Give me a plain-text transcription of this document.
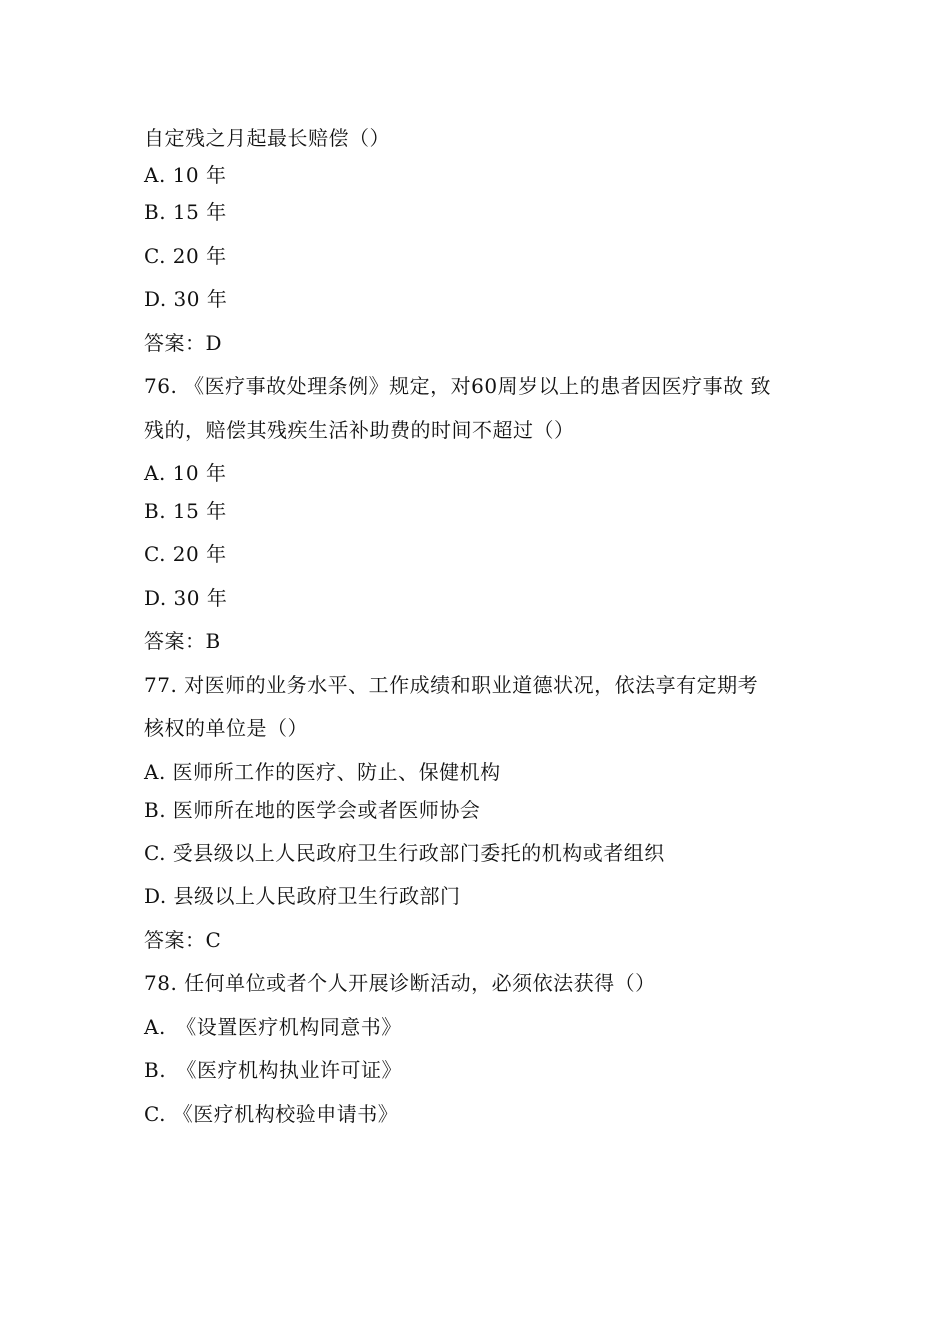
自定残之月起最长赔偿（）
A. 10 年
B. 15 年
C. 20 年
D. 30 年
答案：D
76. 《医疗事故处理条例》规定，对60周岁以上的患者因医疗事故 致
残的，赔偿其残疾生活补助费的时间不超过（）
A. 10 年
B. 15 年
C. 20 年
D. 30 年
答案：B
77. 对医师的业务水平、工作成绩和职业道德状况，依法享有定期考
核权的单位是（）
A. 医师所工作的医疗、防止、保健机构
B. 医师所在地的医学会或者医师协会
C. 受县级以上人民政府卫生行政部门委托的机构或者组织
D. 县级以上人民政府卫生行政部门
答案：C
78. 任何单位或者个人开展诊断活动，必须依法获得（）
A.　《设置医疗机构同意书》
B.　《医疗机构执业许可证》
C. 《医疗机构校验申请书》
